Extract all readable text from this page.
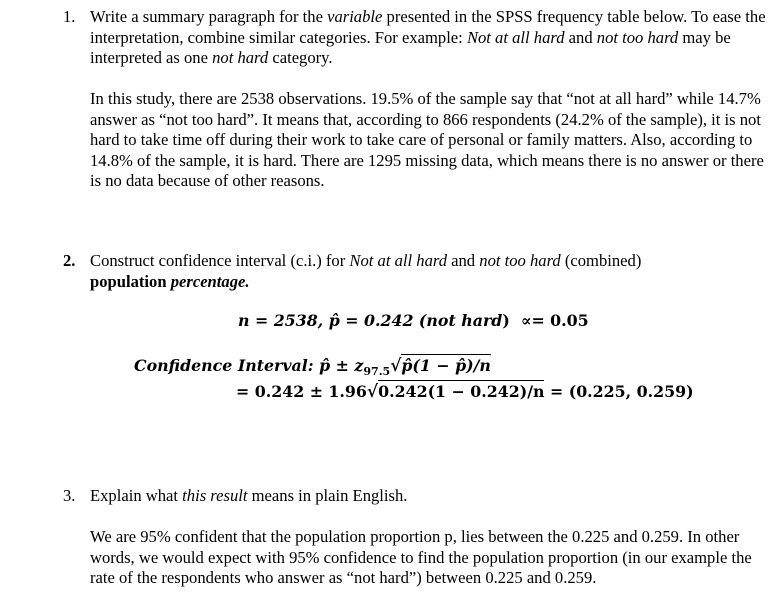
1. Write a summary paragraph for the variable presented in the SPSS frequency table below. To ease the interpretation, combine similar categories. For example: Not at all hard and not too hard may be interpreted as one not hard category.

In this study, there are 2538 observations. 19.5% of the sample say that “not at all hard” while 14.7% answer as “not too hard”. It means that, according to 866 respondents (24.2% of the sample), it is not hard to take time off during their work to take care of personal or family matters. Also, according to 14.8% of the sample, it is hard. There are 1295 missing data, which means there is no answer or there is no data because of other reasons.

2. Construct confidence interval (c.i.) for Not at all hard and not too hard (combined)
population percentage.

n = 2538, p̂ = 0.242 (not hard) ∝= 0.05
Confidence Interval: p̂ ± $z_{97.5}√p̂(1$ − p̂)/n
= 0.242 ± 1.96√0.242(1 − 0.242)/n = (0.225, 0.259)
3. Explain what this result means in plain English.

We are 95% confident that the population proportion p, lies between the 0.225 and 0.259. In other words, we would expect with 95% confidence to find the population proportion (in our example the rate of the respondents who answer as “not hard”) between 0.225 and 0.259.
